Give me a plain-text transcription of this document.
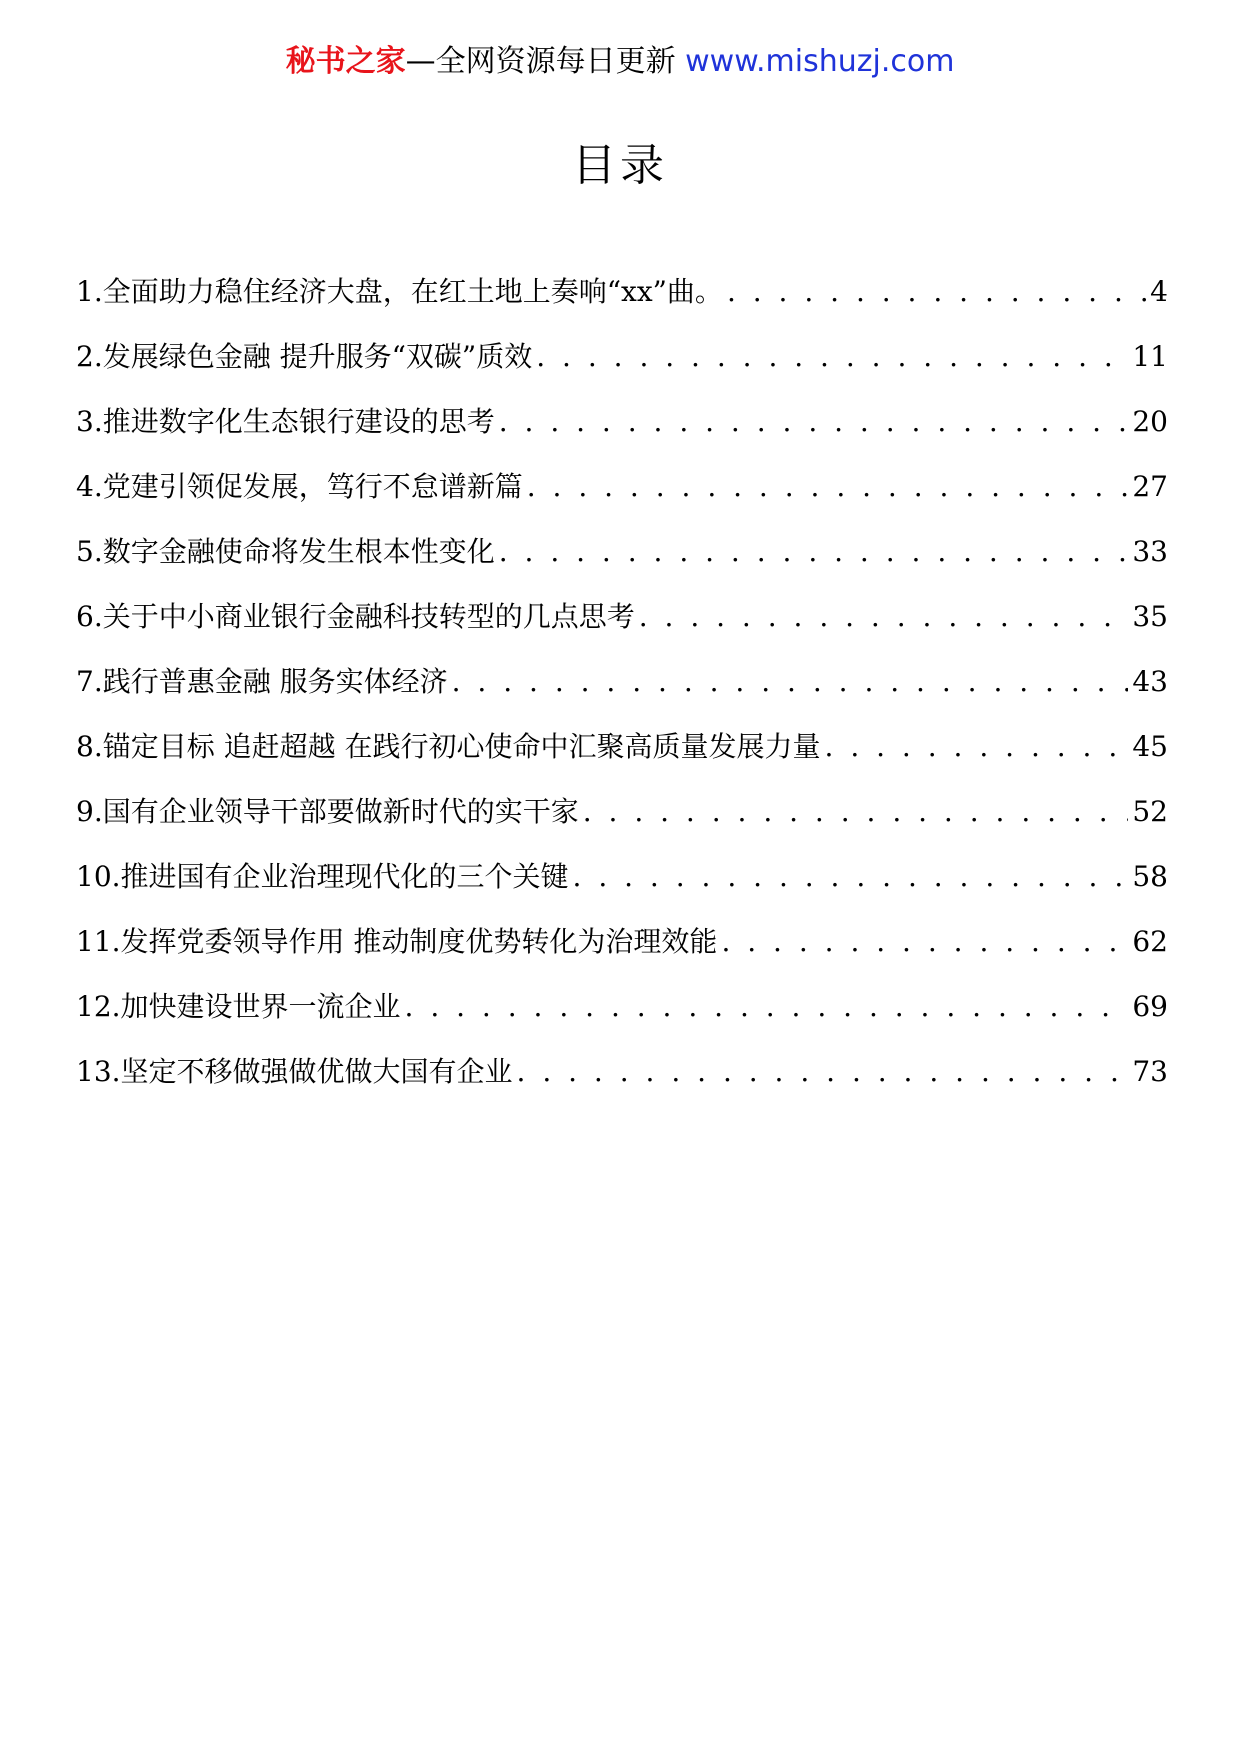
秘书之家—全网资源每日更新 www.mishuzj.com
目录
1.全面助力稳住经济大盘，在红土地上奏响“xx”曲。 . . .	4
2.发展绿色金融 提升服务“双碳”质效 . . .	11
3.推进数字化生态银行建设的思考 . . .	20
4.党建引领促发展，笃行不怠谱新篇 . . .	27
5.数字金融使命将发生根本性变化 . . .	33
6.关于中小商业银行金融科技转型的几点思考 . . .	35
7.践行普惠金融 服务实体经济 . . .	43
8.锚定目标 追赶超越 在践行初心使命中汇聚高质量发展力量 . . .	45
9.国有企业领导干部要做新时代的实干家 . . .	52
10.推进国有企业治理现代化的三个关键 . . .	58
11.发挥党委领导作用 推动制度优势转化为治理效能 . . .	62
12.加快建设世界一流企业 . . .	69
13.坚定不移做强做优做大国有企业 . . .	73
